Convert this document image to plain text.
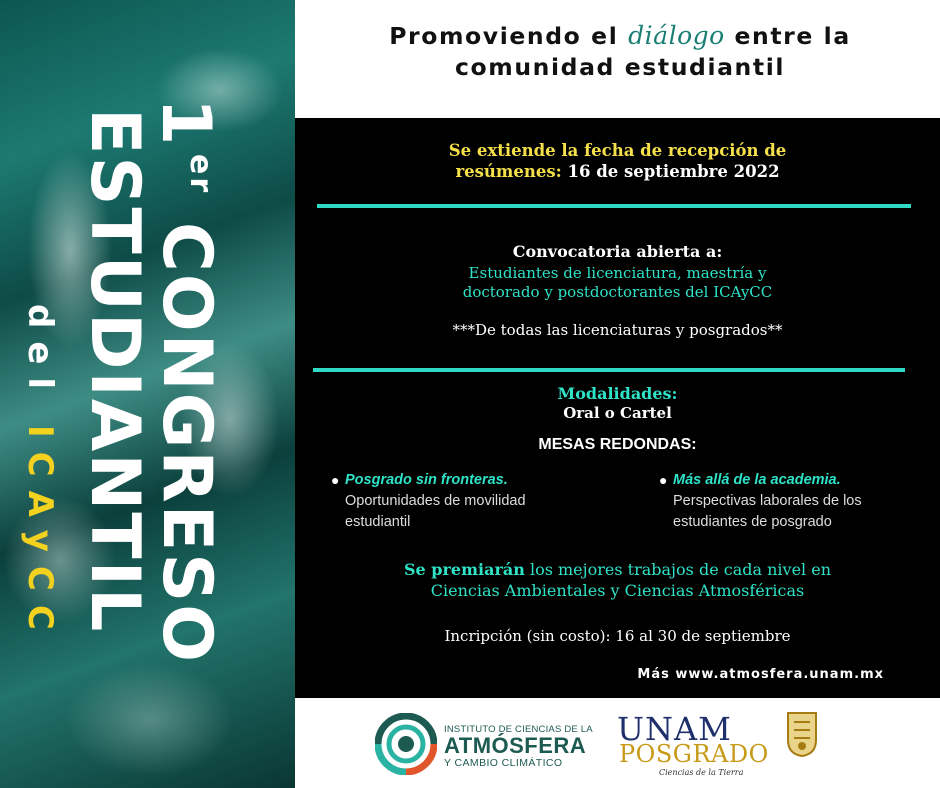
1
er
CONGRESO
ESTUDIANTIL
del
ICAyCC
Promoviendo el diálogo entre la
comunidad estudiantil
Se extiende la fecha de recepción de
resúmenes: 16 de septiembre 2022
Convocatoria abierta a:
Estudiantes de licenciatura, maestría y
doctorado y postdoctorantes del ICAyCC
***De todas las licenciaturas y posgrados**
Modalidades:
Oral o Cartel
MESAS REDONDAS:
● Posgrado sin fronteras.
Oportunidades de movilidad
estudiantil
● Más allá de la academia.
Perspectivas laborales de los
estudiantes de posgrado
Se premiarán los mejores trabajos de cada nivel en
Ciencias Ambientales y Ciencias Atmosféricas
Incripción (sin costo): 16 al 30 de septiembre
Más www.atmosfera.unam.mx
INSTITUTO DE CIENCIAS DE LA
ATMÓSFERA
Y CAMBIO CLIMÁTICO
UNAM
POSGRADO
Ciencias de la Tierra
